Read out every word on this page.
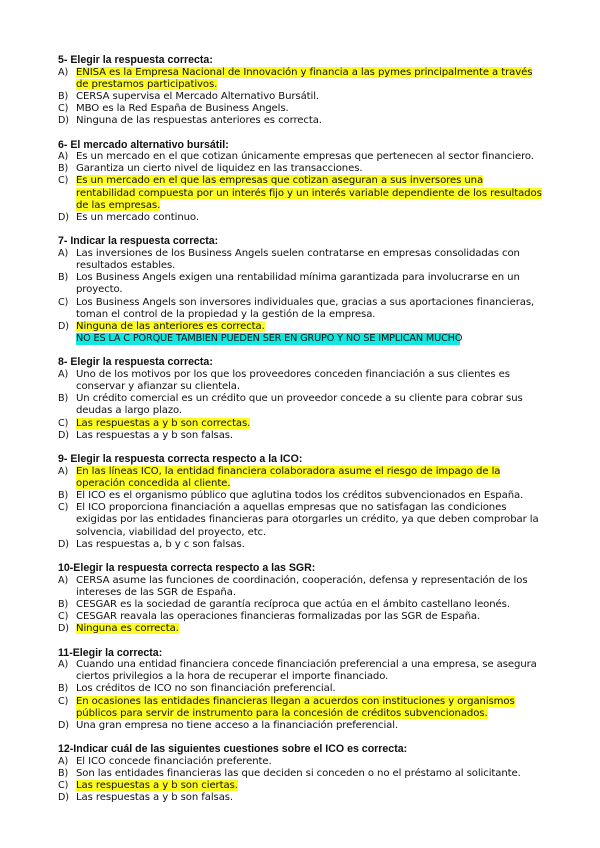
5- Elegir la respuesta correcta:
A) ENISA es la Empresa Nacional de Innovación y financia a las pymes principalmente a través de prestamos participativos.
B) CERSA supervisa el Mercado Alternativo Bursátil.
C) MBO es la Red España de Business Angels.
D) Ninguna de las respuestas anteriores es correcta.
6- El mercado alternativo bursátil:
A) Es un mercado en el que cotizan únicamente empresas que pertenecen al sector financiero.
B) Garantiza un cierto nivel de liquidez en las transacciones.
C) Es un mercado en el que las empresas que cotizan aseguran a sus inversores una rentabilidad compuesta por un interés fijo y un interés variable dependiente de los resultados de las empresas.
D) Es un mercado continuo.
7- Indicar la respuesta correcta:
A) Las inversiones de los Business Angels suelen contratarse en empresas consolidadas con resultados estables.
B) Los Business Angels exigen una rentabilidad mínima garantizada para involucrarse en un proyecto.
C) Los Business Angels son inversores individuales que, gracias a sus aportaciones financieras, toman el control de la propiedad y la gestión de la empresa.
D) Ninguna de las anteriores es correcta.
NO ES LA C PORQUE TAMBIEN PUEDEN SER EN GRUPO Y NO SE IMPLICAN MUCHO
8- Elegir la respuesta correcta:
A) Uno de los motivos por los que los proveedores conceden financiación a sus clientes es conservar y afianzar su clientela.
B) Un crédito comercial es un crédito que un proveedor concede a su cliente para cobrar sus deudas a largo plazo.
C) Las respuestas a y b son correctas.
D) Las respuestas a y b son falsas.
9- Elegir la respuesta correcta respecto a la ICO:
A) En las líneas ICO, la entidad financiera colaboradora asume el riesgo de impago de la operación concedida al cliente.
B) El ICO es el organismo público que aglutina todos los créditos subvencionados en España.
C) El ICO proporciona financiación a aquellas empresas que no satisfagan las condiciones exigidas por las entidades financieras para otorgarles un crédito, ya que deben comprobar la solvencia, viabilidad del proyecto, etc.
D) Las respuestas a, b y c son falsas.
10-Elegir la respuesta correcta respecto a las SGR:
A) CERSA asume las funciones de coordinación, cooperación, defensa y representación de los intereses de las SGR de España.
B) CESGAR es la sociedad de garantía recíproca que actúa en el ámbito castellano leonés.
C) CESGAR reavala las operaciones financieras formalizadas por las SGR de España.
D) Ninguna es correcta.
11-Elegir la correcta:
A) Cuando una entidad financiera concede financiación preferencial a una empresa, se asegura ciertos privilegios a la hora de recuperar el importe financiado.
B) Los créditos de ICO no son financiación preferencial.
C) En ocasiones las entidades financieras llegan a acuerdos con instituciones y organismos públicos para servir de instrumento para la concesión de créditos subvencionados.
D) Una gran empresa no tiene acceso a la financiación preferencial.
12-Indicar cuál de las siguientes cuestiones sobre el ICO es correcta:
A) El ICO concede financiación preferente.
B) Son las entidades financieras las que deciden si conceden o no el préstamo al solicitante.
C) Las respuestas a y b son ciertas.
D) Las respuestas a y b son falsas.
